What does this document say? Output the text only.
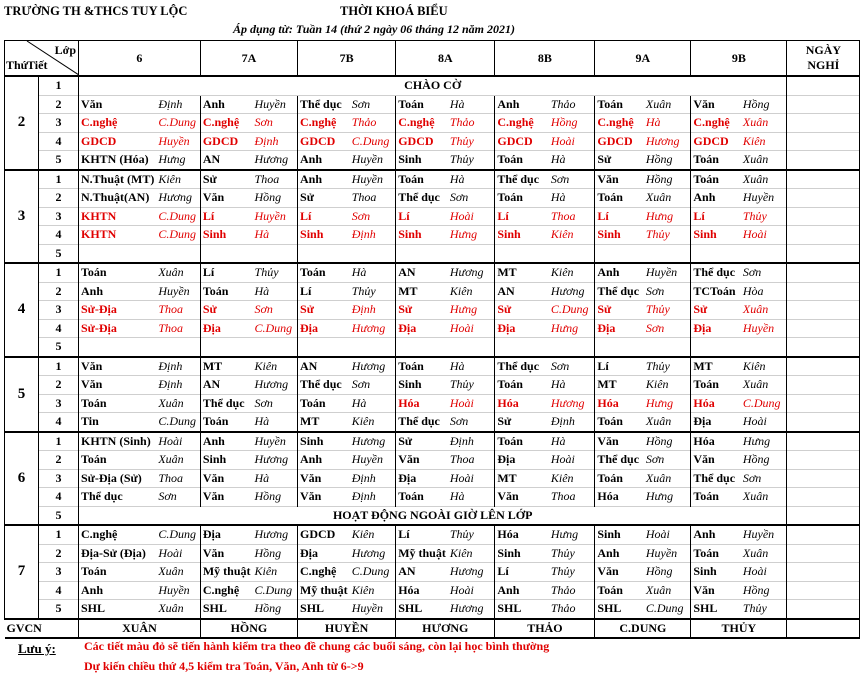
TRƯỜNG TH &THCS TUY LỘC	THỜI KHOÁ BIỂU
Áp dụng từ: Tuần 14 (thứ 2 ngày 06 tháng 12 năm 2021)
Lớp
Thứ Tiết		6		7A		7B		8A		8B		9A		9B		NGÀY NGHỈ
2	1	CHÀO CỜ														
	2	Văn	Định	Anh	Huyền	Thể dục	Sơn	Toán	Hà	Anh	Thảo	Toán	Xuân	Văn	Hồng	
	3	C.nghệ	C.Dung	C.nghệ	Sơn	C.nghệ	Thảo	C.nghệ	Thảo	C.nghệ	Hồng	C.nghệ	Hà	C.nghệ	Xuân	
	4	GDCD	Huyền	GDCD	Định	GDCD	C.Dung	GDCD	Thủy	GDCD	Hoài	GDCD	Hương	GDCD	Kiên	
	5	KHTN (Hóa)	Hưng	AN	Hương	Anh	Huyền	Sinh	Thủy	Toán	Hà	Sử	Hồng	Toán	Xuân	
3	1	N.Thuật (MT)	Kiên	Sử	Thoa	Anh	Huyền	Toán	Hà	Thể dục	Sơn	Văn	Hồng	Toán	Xuân	
	2	N.Thuật(AN)	Hương	Văn	Hồng	Sử	Thoa	Thể dục	Sơn	Toán	Hà	Toán	Xuân	Anh	Huyền	
	3	KHTN	C.Dung	Lí	Huyền	Lí	Sơn	Lí	Hoài	Lí	Thoa	Lí	Hưng	Lí	Thủy	
	4	KHTN	C.Dung	Sinh	Hà	Sinh	Định	Sinh	Hưng	Sinh	Kiên	Sinh	Thủy	Sinh	Hoài	
	5															
4	1	Toán	Xuân	Lí	Thủy	Toán	Hà	AN	Hương	MT	Kiên	Anh	Huyền	Thể dục	Sơn	
	2	Anh	Huyền	Toán	Hà	Lí	Thủy	MT	Kiên	AN	Hương	Thể dục	Sơn	TCToán	Hòa	
	3	Sử-Địa	Thoa	Sử	Sơn	Sử	Định	Sử	Hưng	Sử	C.Dung	Sử	Thủy	Sử	Xuân	
	4	Sử-Địa	Thoa	Địa	C.Dung	Địa	Hương	Địa	Hoài	Địa	Hưng	Địa	Sơn	Địa	Huyền	
	5															
5	1	Văn	Định	MT	Kiên	AN	Hương	Toán	Hà	Thể dục	Sơn	Lí	Thủy	MT	Kiên	
	2	Văn	Định	AN	Hương	Thể dục	Sơn	Sinh	Thủy	Toán	Hà	MT	Kiên	Toán	Xuân	
	3	Toán	Xuân	Thể dục	Sơn	Toán	Hà	Hóa	Hoài	Hóa	Hương	Hóa	Hưng	Hóa	C.Dung	
	4	Tin	C.Dung	Toán	Hà	MT	Kiên	Thể dục	Sơn	Sử	Định	Toán	Xuân	Địa	Hoài	
6	1	KHTN (Sinh)	Hoài	Anh	Huyền	Sinh	Hương	Sử	Định	Toán	Hà	Văn	Hồng	Hóa	Hưng	
	2	Toán	Xuân	Sinh	Hương	Anh	Huyền	Văn	Thoa	Địa	Hoài	Thể dục	Sơn	Văn	Hồng	
	3	Sử-Địa (Sử)	Thoa	Văn	Hà	Văn	Định	Địa	Hoài	MT	Kiên	Toán	Xuân	Thể dục	Sơn	
	4	Thể dục	Sơn	Văn	Hồng	Văn	Định	Toán	Hà	Văn	Thoa	Hóa	Hưng	Toán	Xuân	
	5	HOẠT ĐỘNG NGOÀI GIỜ LÊN LỚP														
7	1	C.nghệ	C.Dung	Địa	Hương	GDCD	Kiên	Lí	Thủy	Hóa	Hưng	Sinh	Hoài	Anh	Huyền	
	2	Địa-Sử (Địa)	Hoài	Văn	Hồng	Địa	Hương	Mỹ thuật	Kiên	Sinh	Thủy	Anh	Huyền	Toán	Xuân	
	3	Toán	Xuân	Mỹ thuật	Kiên	C.nghệ	C.Dung	AN	Hương	Lí	Thủy	Văn	Hồng	Sinh	Hoài	
	4	Anh	Huyền	C.nghệ	C.Dung	Mỹ thuật	Kiên	Hóa	Hoài	Anh	Thảo	Toán	Xuân	Văn	Hồng	
	5	SHL	Xuân	SHL	Hồng	SHL	Huyền	SHL	Hương	SHL	Thảo	SHL	C.Dung	SHL	Thủy	
GVCN		XUÂN		HỒNG		HUYỀN		HƯƠNG		THẢO		C.DUNG		THỦY		
Lưu ý: Các tiết màu đỏ sẽ tiến hành kiểm tra theo đề chung các buổi sáng, còn lại học bình thường
Dự kiến chiều thứ 4,5 kiểm tra Toán, Văn, Anh từ 6->9
